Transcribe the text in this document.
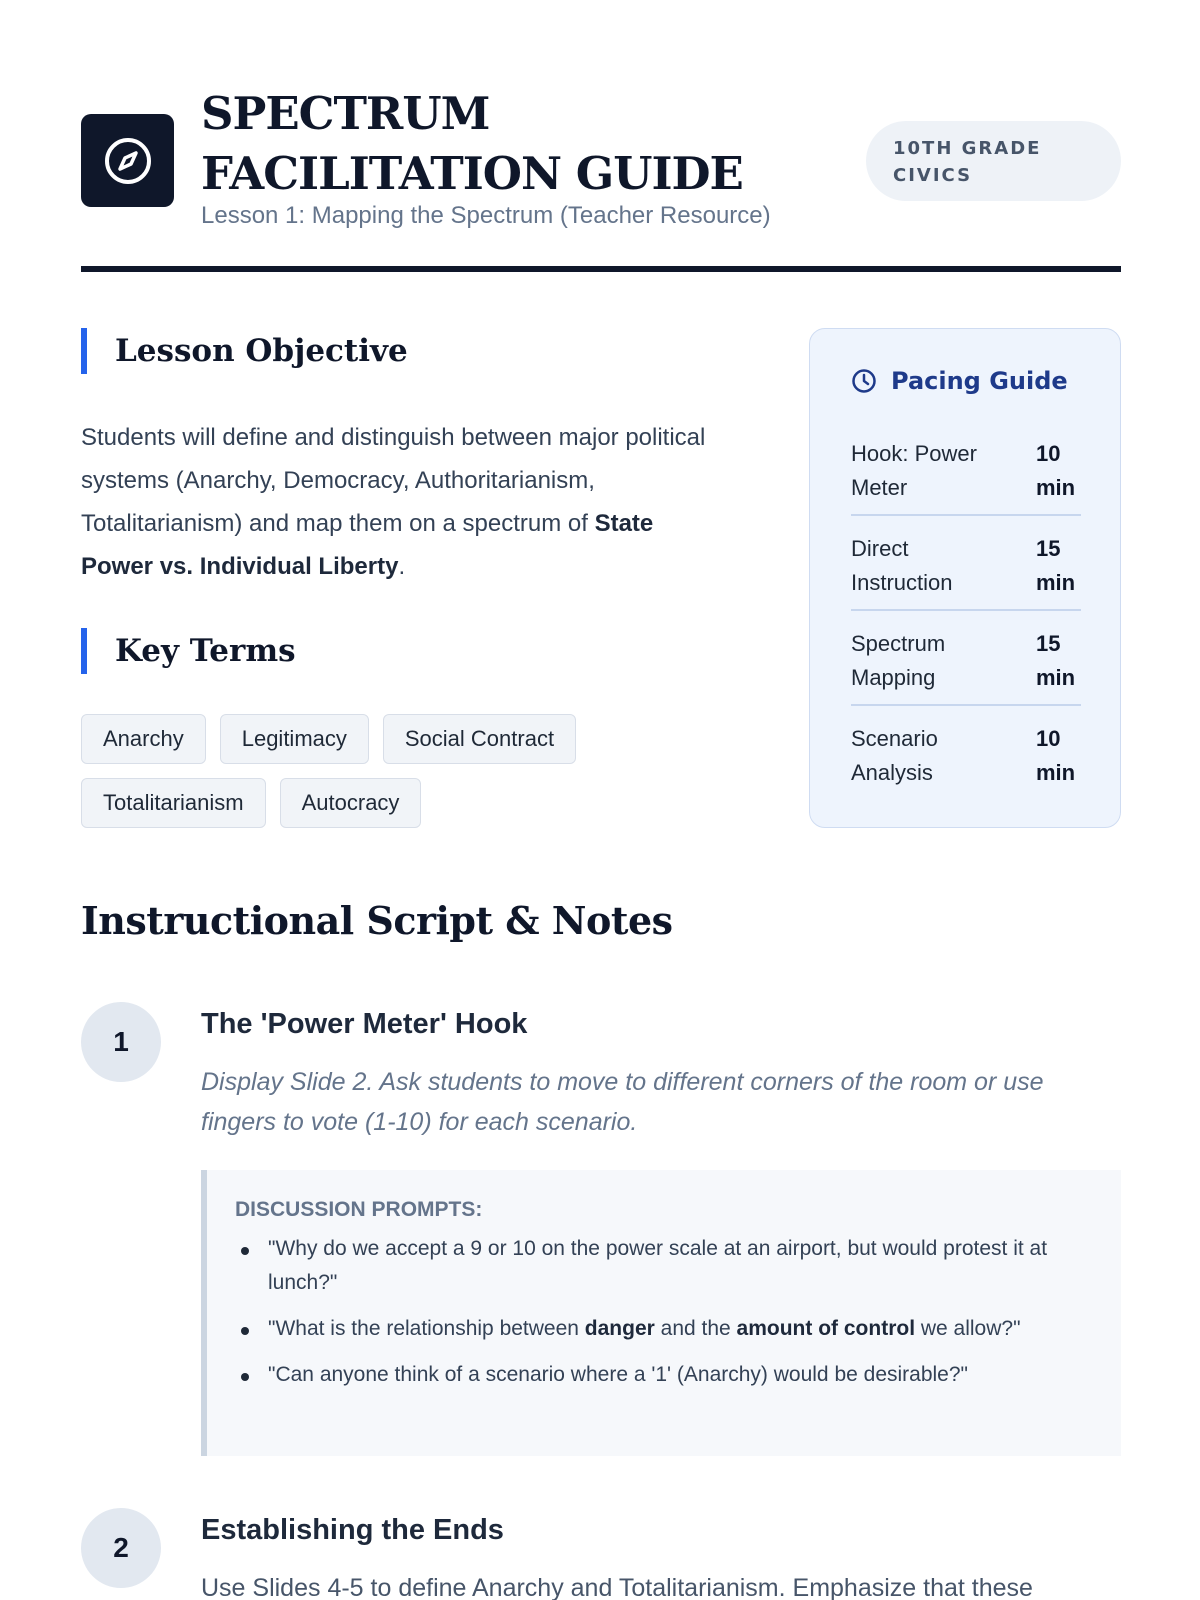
SPECTRUM FACILITATION GUIDE
Lesson 1: Mapping the Spectrum (Teacher Resource)
10TH GRADE CIVICS
Lesson Objective

Students will define and distinguish between major political systems (Anarchy, Democracy, Authoritarianism, Totalitarianism) and map them on a spectrum of State Power vs. Individual Liberty.

Key Terms
Anarchy	Legitimacy	Social Contract
Totalitarianism	Autocracy
Pacing Guide
Hook: Power Meter
10 min
Direct Instruction
15 min
Spectrum Mapping
15 min
Scenario Analysis
10 min
Instructional Script & Notes
1
The 'Power Meter' Hook

Display Slide 2. Ask students to move to different corners of the room or use fingers to vote (1-10) for each scenario.

DISCUSSION PROMPTS:
"Why do we accept a 9 or 10 on the power scale at an airport, but would protest it at lunch?"
"What is the relationship between danger and the amount of control we allow?"
"Can anyone think of a scenario where a '1' (Anarchy) would be desirable?"
2
Establishing the Ends

Use Slides 4-5 to define Anarchy and Totalitarianism. Emphasize that these
